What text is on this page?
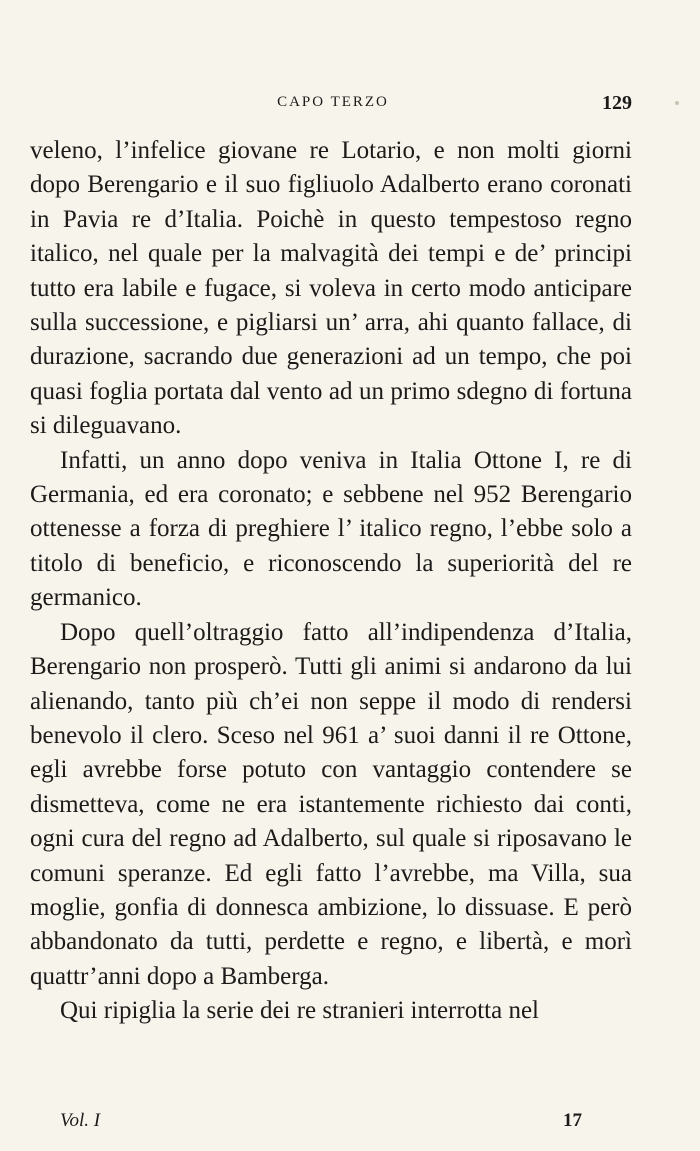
CAPO TERZO	129

veleno, l’infelice giovane re Lotario, e non molti giorni dopo Berengario e il suo figliuolo Adalberto erano coronati in Pavia re d’Italia. Poichè in questo tempestoso regno italico, nel quale per la malvagità dei tempi e de’ principi tutto era labile e fugace, si voleva in certo modo anticipare sulla successione, e pigliarsi un’ arra, ahi quanto fallace, di durazione, sacrando due generazioni ad un tempo, che poi quasi foglia portata dal vento ad un primo sdegno di fortuna si dileguavano.

Infatti, un anno dopo veniva in Italia Ottone I, re di Germania, ed era coronato; e sebbene nel 952 Berengario ottenesse a forza di preghiere l’ italico regno, l’ebbe solo a titolo di beneficio, e riconoscendo la superiorità del re germanico.

Dopo quell’oltraggio fatto all’indipendenza d’Italia, Berengario non prosperò. Tutti gli animi si andarono da lui alienando, tanto più ch’ei non seppe il modo di rendersi benevolo il clero. Sceso nel 961 a’ suoi danni il re Ottone, egli avrebbe forse potuto con vantaggio contendere se dismetteva, come ne era istantemente richiesto dai conti, ogni cura del regno ad Adalberto, sul quale si riposavano le comuni speranze. Ed egli fatto l’avrebbe, ma Villa, sua moglie, gonfia di donnesca ambizione, lo dissuase. E però abbandonato da tutti, perdette e regno, e libertà, e morì quattr’anni dopo a Bamberga.

Qui ripiglia la serie dei re stranieri interrotta nel

Vol. I	17
